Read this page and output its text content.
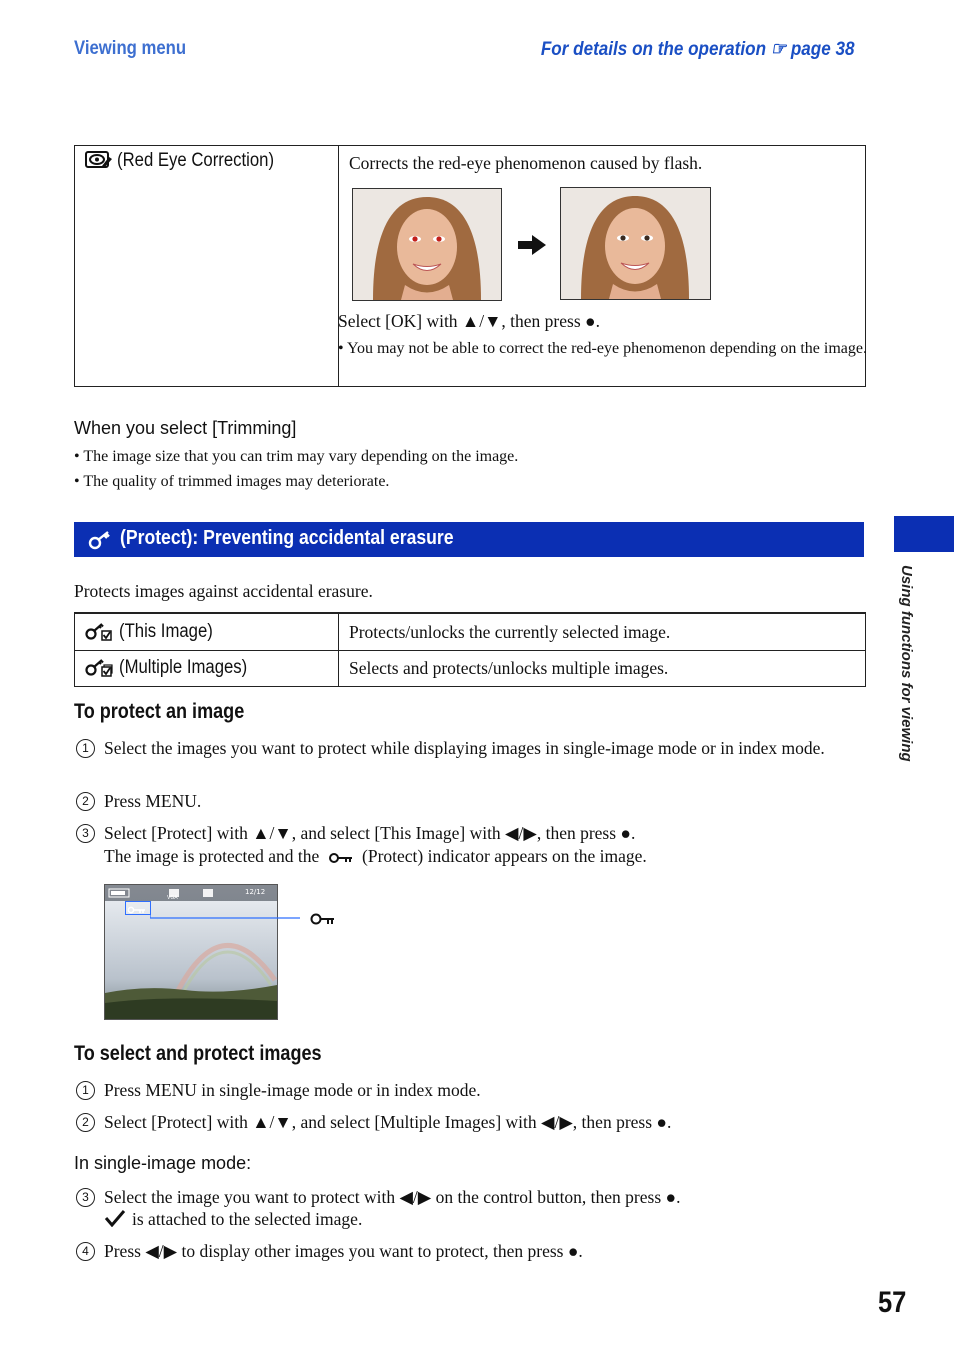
Viewing menu	For details on the operation ☞ page 38
(Red Eye Correction)	Corrects the red-eye phenomenon caused by flash.
Select [OK] with ▲/▼, then press ●.
• You may not be able to correct the red-eye phenomenon depending on the image.
When you select [Trimming]
• The image size that you can trim may vary depending on the image.
• The quality of trimmed images may deteriorate.
(Protect): Preventing accidental erasure
Protects images against accidental erasure.
(This Image)	Protects/unlocks the currently selected image.
(Multiple Images)	Selects and protects/unlocks multiple images.
To protect an image
1 Select the images you want to protect while displaying images in single-image mode or in index mode.
2 Press MENU.
3 Select [Protect] with ▲/▼, and select [This Image] with ◀/▶, then press ●.
The image is protected and the (Protect) indicator appears on the image.
VGA
12/12
To select and protect images
1 Press MENU in single-image mode or in index mode.
2 Select [Protect] with ▲/▼, and select [Multiple Images] with ◀/▶, then press ●.
In single-image mode:
3 Select the image you want to protect with ◀/▶ on the control button, then press ●.
is attached to the selected image.
4 Press ◀/▶ to display other images you want to protect, then press ●.
Using functions for viewing
57
